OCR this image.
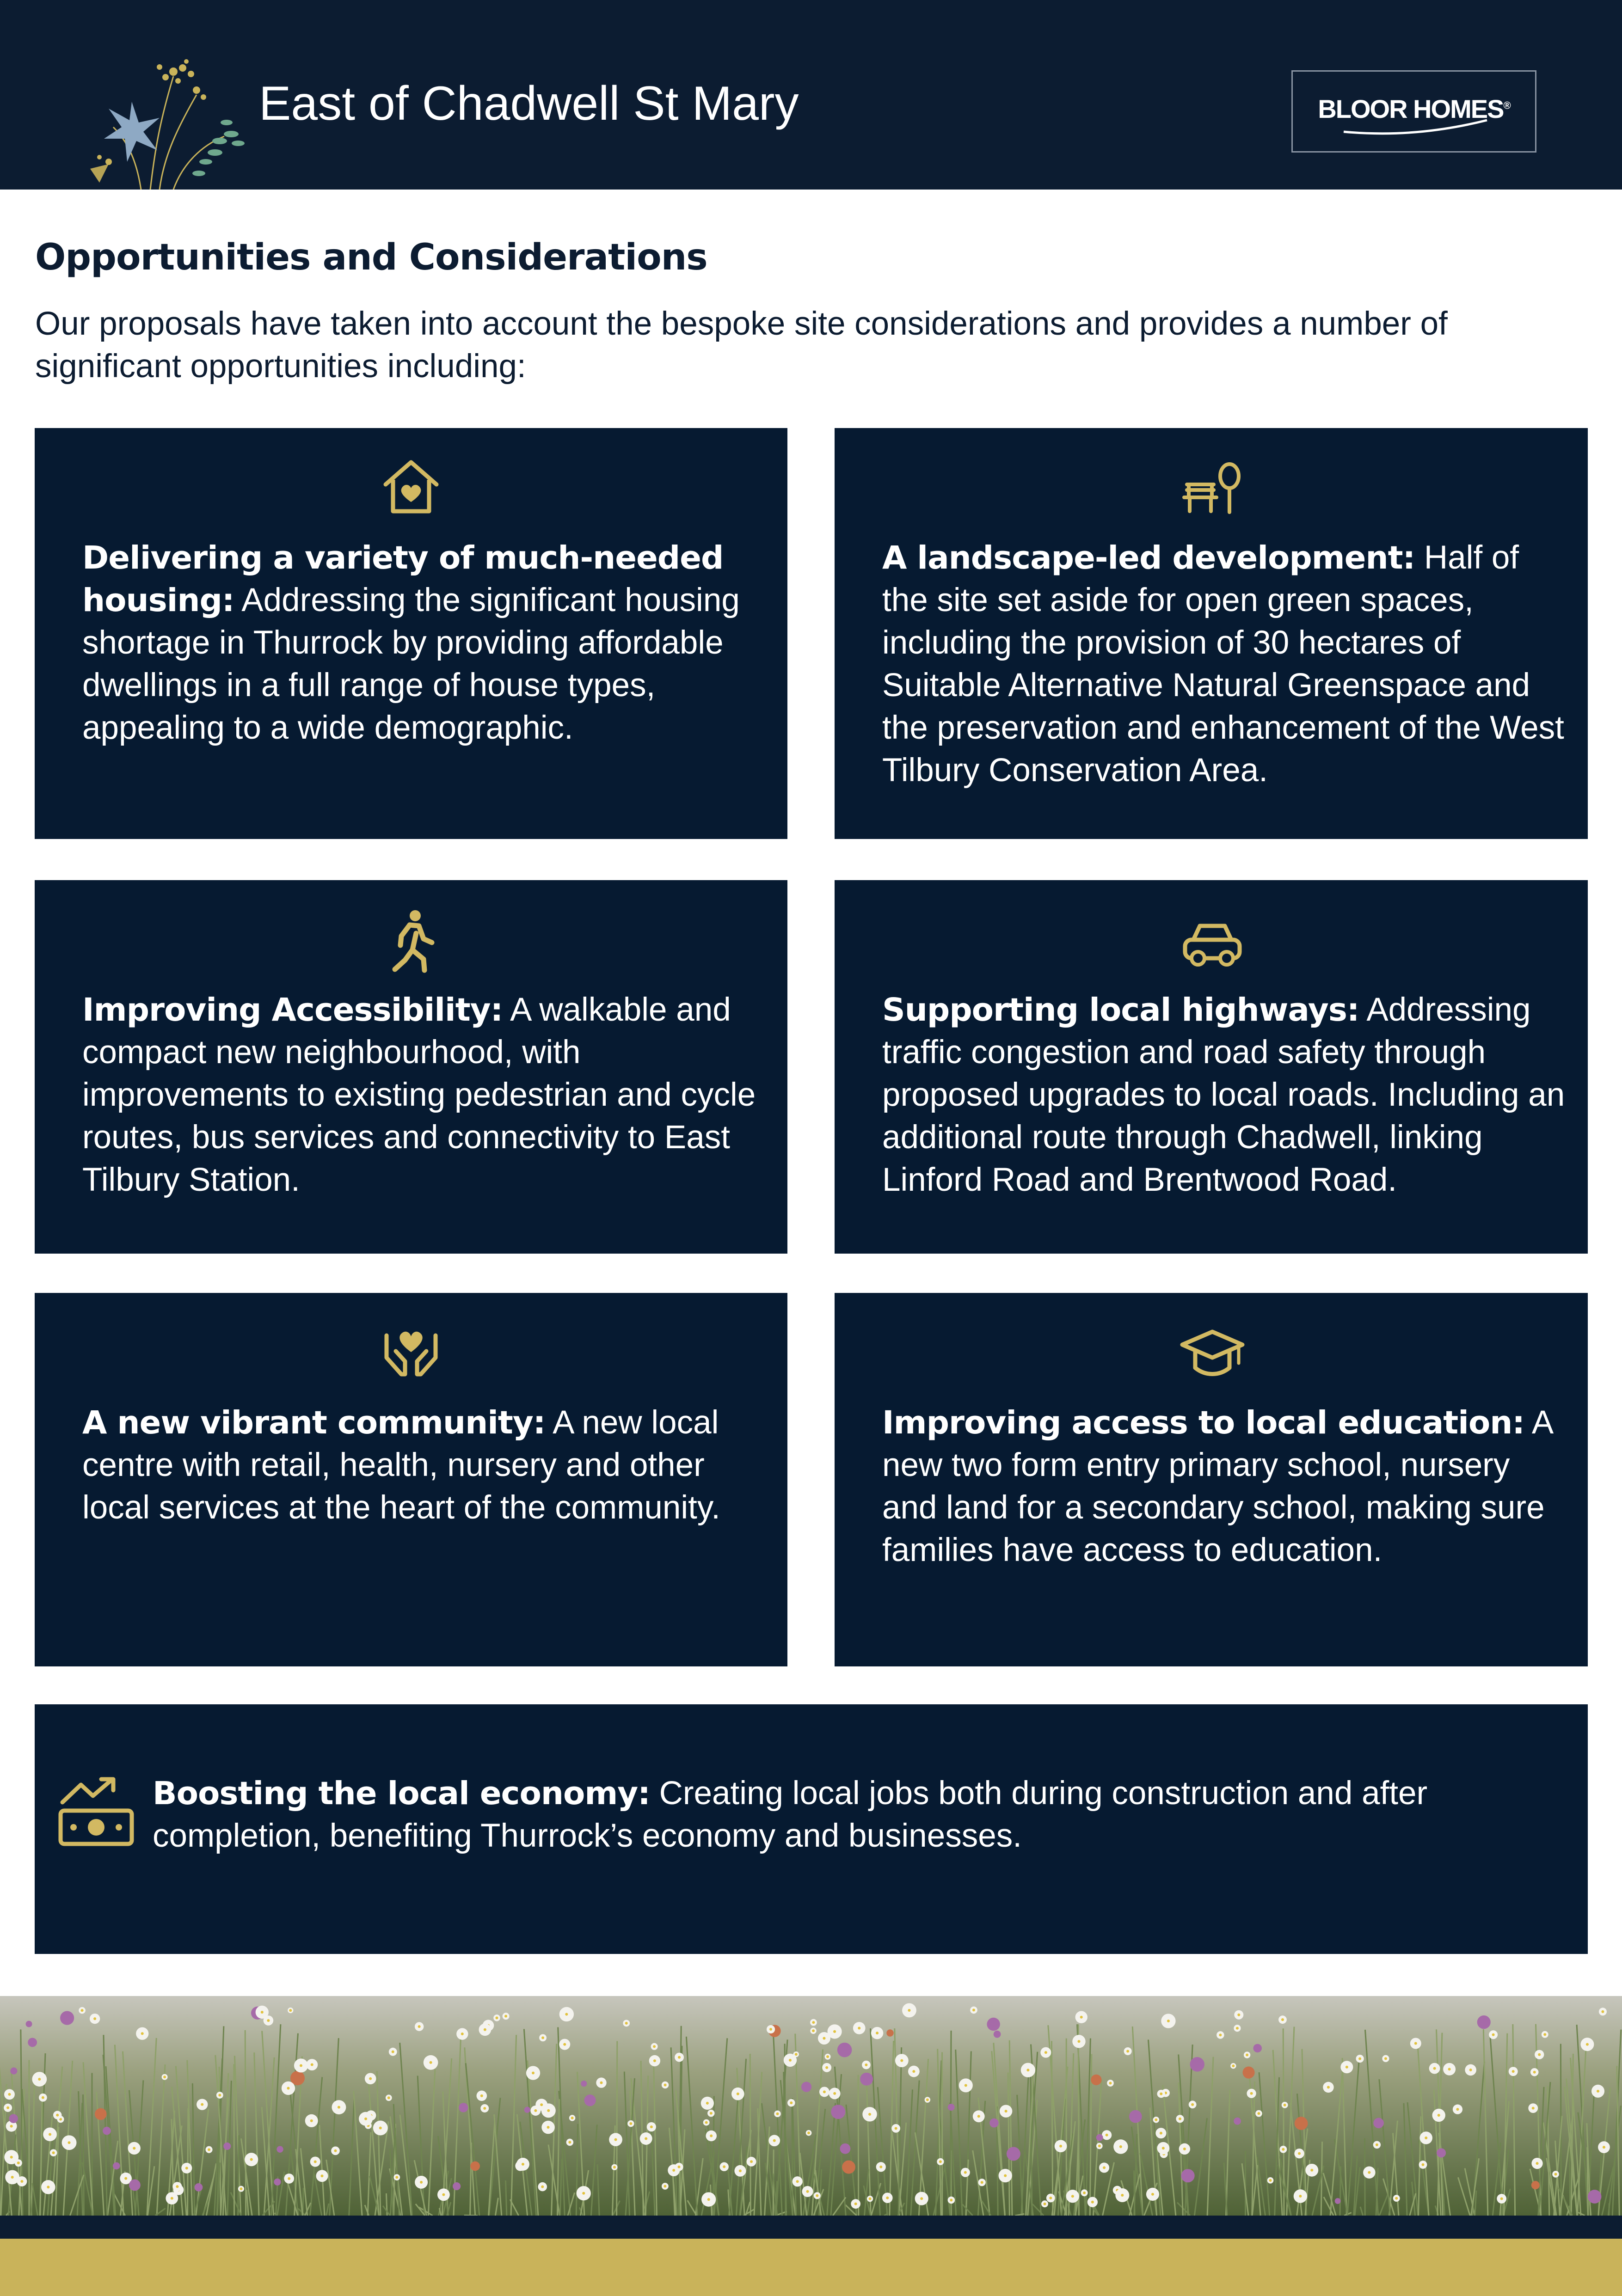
East of Chadwell St Mary	BLOOR HOMES®
Opportunities and Considerations
Our proposals have taken into account the bespoke site considerations and provides a number of significant opportunities including:
Delivering a variety of much-needed housing: Addressing the significant housing shortage in Thurrock by providing affordable dwellings in a full range of house types, appealing to a wide demographic.
A landscape-led development: Half of the site set aside for open green spaces, including the provision of 30 hectares of Suitable Alternative Natural Greenspace and the preservation and enhancement of the West Tilbury Conservation Area.
Improving Accessibility: A walkable and compact new neighbourhood, with improvements to existing pedestrian and cycle routes, bus services and connectivity to East Tilbury Station.
Supporting local highways: Addressing traffic congestion and road safety through proposed upgrades to local roads. Including an additional route through Chadwell, linking Linford Road and Brentwood Road.
A new vibrant community: A new local centre with retail, health, nursery and other local services at the heart of the community.
Improving access to local education: A new two form entry primary school, nursery and land for a secondary school, making sure families have access to education.
Boosting the local economy: Creating local jobs both during construction and after completion, benefiting Thurrock’s economy and businesses.
